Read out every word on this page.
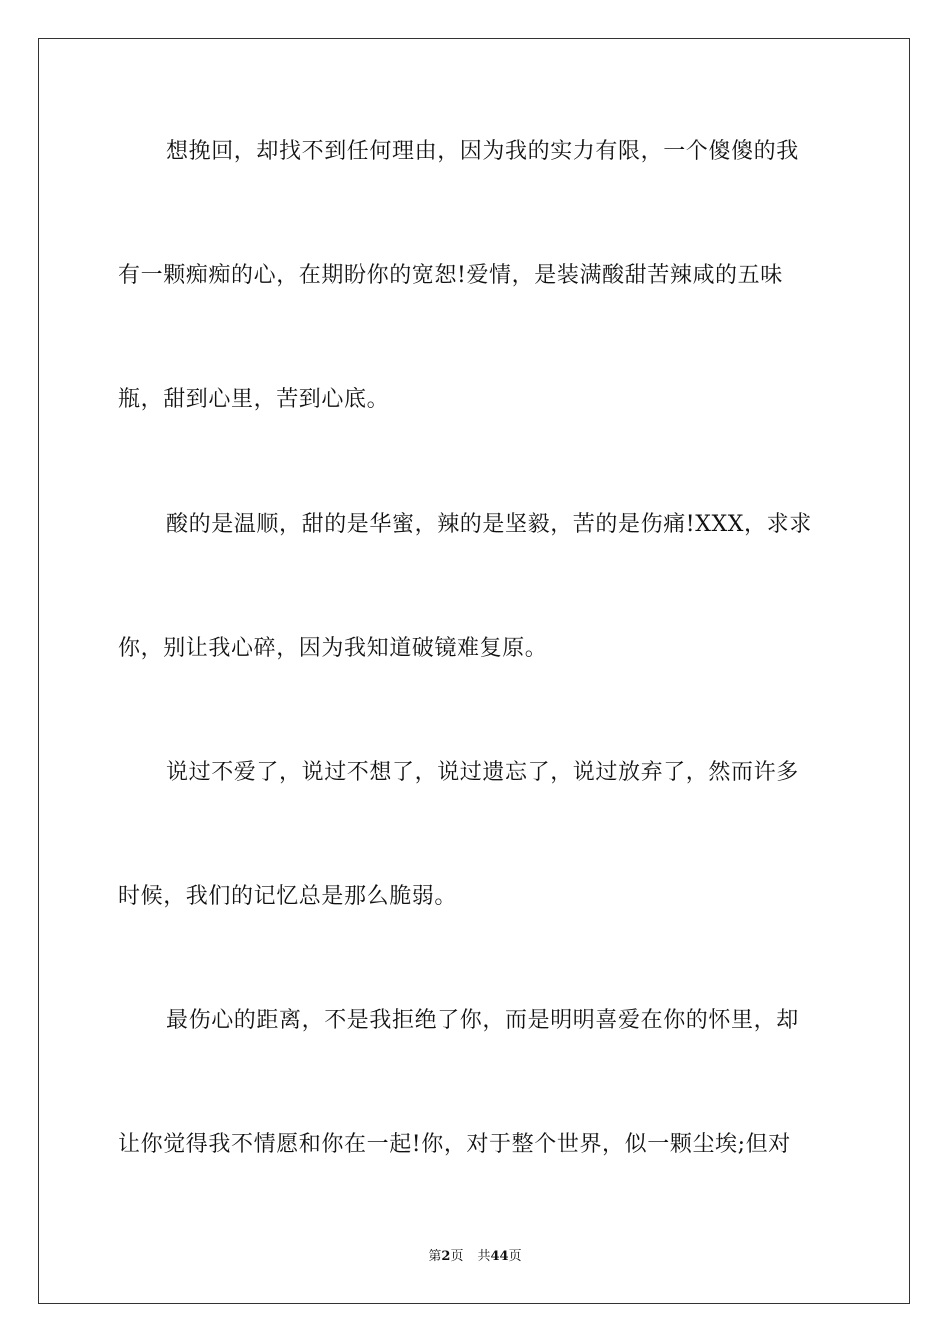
想挽回，却找不到任何理由，因为我的实力有限，一个傻傻的我
有一颗痴痴的心，在期盼你的宽恕!爱情，是装满酸甜苦辣咸的五味
瓶，甜到心里，苦到心底。
酸的是温顺，甜的是华蜜，辣的是坚毅，苦的是伤痛!XXX，求求
你，别让我心碎，因为我知道破镜难复原。
说过不爱了，说过不想了，说过遗忘了，说过放弃了，然而许多
时候，我们的记忆总是那么脆弱。
最伤心的距离，不是我拒绝了你，而是明明喜爱在你的怀里，却
让你觉得我不情愿和你在一起!你，对于整个世界，似一颗尘埃;但对
第2页 共44页
